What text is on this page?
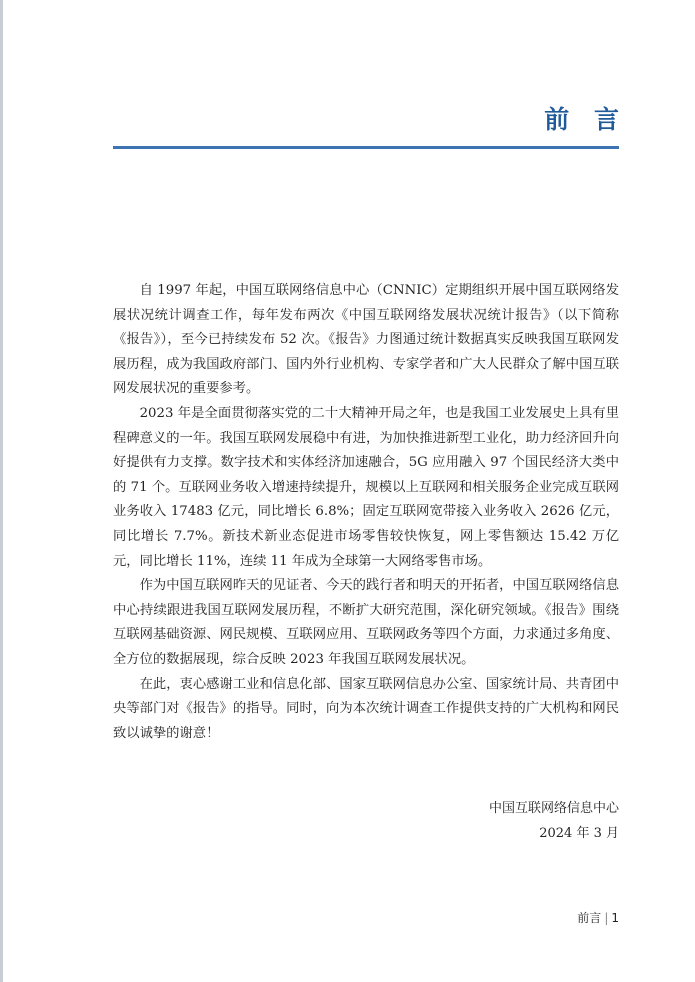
前 言

自 1997 年起，中国互联网络信息中心（CNNIC）定期组织开展中国互联网络发展状况统计调查工作，每年发布两次《中国互联网络发展状况统计报告》（以下简称《报告》），至今已持续发布 52 次。《报告》力图通过统计数据真实反映我国互联网发展历程，成为我国政府部门、国内外行业机构、专家学者和广大人民群众了解中国互联网发展状况的重要参考。

2023 年是全面贯彻落实党的二十大精神开局之年，也是我国工业发展史上具有里程碑意义的一年。我国互联网发展稳中有进，为加快推进新型工业化，助力经济回升向好提供有力支撑。数字技术和实体经济加速融合，5G 应用融入 97 个国民经济大类中的 71 个。互联网业务收入增速持续提升，规模以上互联网和相关服务企业完成互联网业务收入 17483 亿元，同比增长 6.8%；固定互联网宽带接入业务收入 2626 亿元，同比增长 7.7%。新技术新业态促进市场零售较快恢复，网上零售额达 15.42 万亿元，同比增长 11%，连续 11 年成为全球第一大网络零售市场。

作为中国互联网昨天的见证者、今天的践行者和明天的开拓者，中国互联网络信息中心持续跟进我国互联网发展历程，不断扩大研究范围，深化研究领域。《报告》围绕互联网基础资源、网民规模、互联网应用、互联网政务等四个方面，力求通过多角度、全方位的数据展现，综合反映 2023 年我国互联网发展状况。

在此，衷心感谢工业和信息化部、国家互联网信息办公室、国家统计局、共青团中央等部门对《报告》的指导。同时，向为本次统计调查工作提供支持的广大机构和网民致以诚挚的谢意！

中国互联网络信息中心
2024 年 3 月
前言 | 1
